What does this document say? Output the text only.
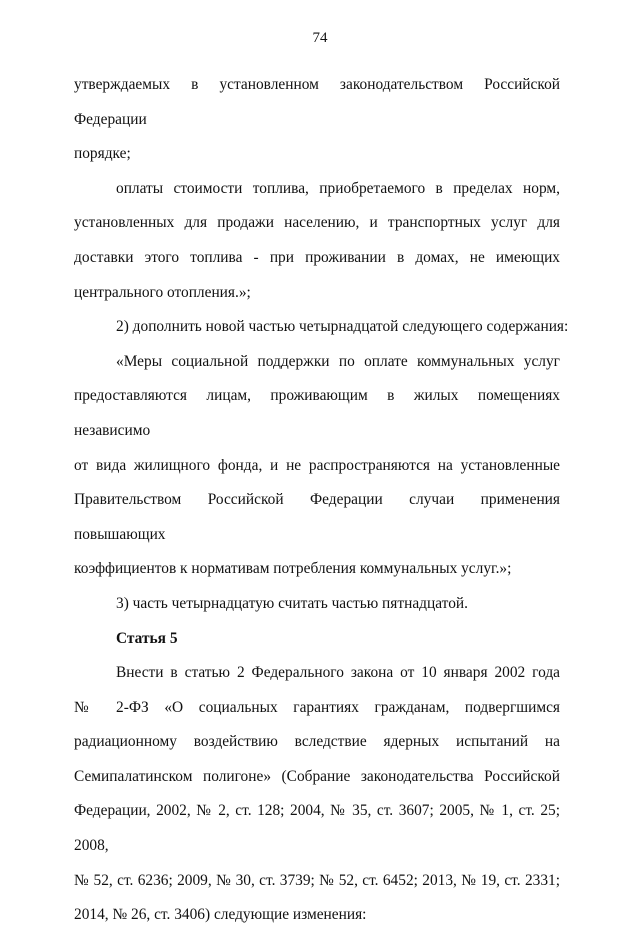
74
утверждаемых в установленном законодательством Российской Федерации
порядке;
оплаты стоимости топлива, приобретаемого в пределах норм,
установленных для продажи населению, и транспортных услуг для
доставки этого топлива - при проживании в домах, не имеющих
центрального отопления.»;
2) дополнить новой частью четырнадцатой следующего содержания:
«Меры социальной поддержки по оплате коммунальных услуг
предоставляются лицам, проживающим в жилых помещениях независимо
от вида жилищного фонда, и не распространяются на установленные
Правительством Российской Федерации случаи применения повышающих
коэффициентов к нормативам потребления коммунальных услуг.»;
3) часть четырнадцатую считать частью пятнадцатой.
Статья 5
Внести в статью 2 Федерального закона от 10 января 2002 года
№ 2-ФЗ «О социальных гарантиях гражданам, подвергшимся
радиационному воздействию вследствие ядерных испытаний на
Семипалатинском полигоне» (Собрание законодательства Российской
Федерации, 2002, № 2, ст. 128; 2004, № 35, ст. 3607; 2005, № 1, ст. 25; 2008,
№ 52, ст. 6236; 2009, № 30, ст. 3739; № 52, ст. 6452; 2013, № 19, ст. 2331;
2014, № 26, ст. 3406) следующие изменения:
